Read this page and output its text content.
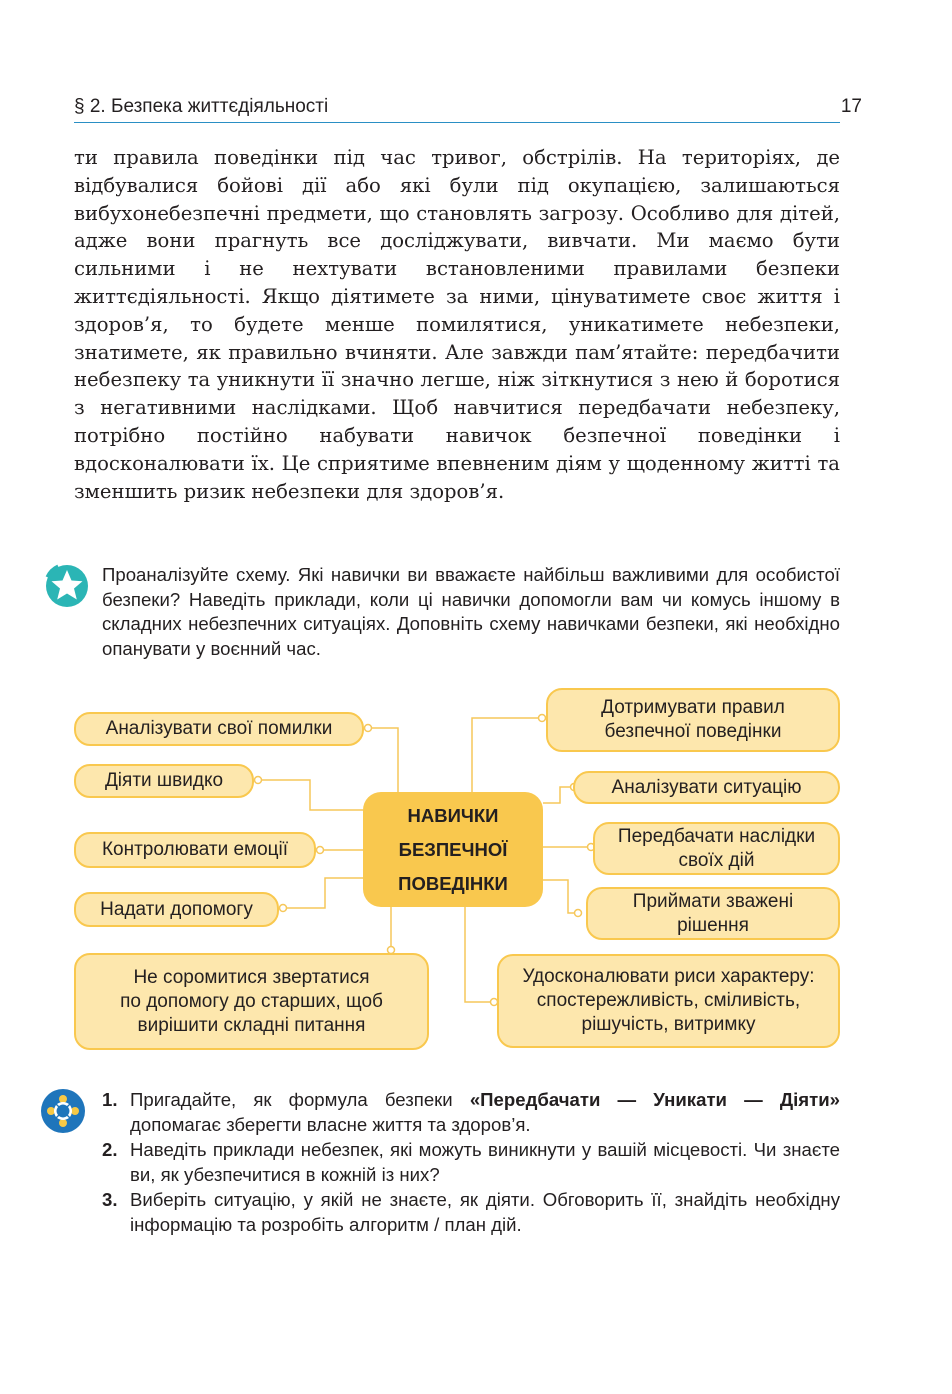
§ 2. Безпека життєдіяльності	17

ти правила поведінки під час тривог, обстрілів. На територіях, де відбувалися бойові дії або які були під окупацією, залишаються вибухонебезпечні предмети, що становлять загрозу. Особливо для дітей, адже вони прагнуть все досліджувати, вивчати. Ми маємо бути сильними і не нехтувати встановленими правилами безпеки життєдіяльності. Якщо діятимете за ними, цінуватимете своє життя і здоров’я, то будете менше помилятися, уникатимете небезпеки, знатимете, як правильно вчиняти. Але завжди пам’ятайте: передбачити небезпеку та уникнути її значно легше, ніж зіткнутися з нею й боротися з негативними наслідками. Щоб навчитися передбачати небезпеку, потрібно постійно набувати навичок безпечної поведінки і вдосконалювати їх. Це сприятиме впевненим діям у щоденному житті та зменшить ризик небезпеки для здоров’я.

Проаналізуйте схему. Які навички ви вважаєте найбільш важливими для особистої безпеки? Наведіть приклади, коли ці навички допомогли вам чи комусь іншому в складних небезпечних ситуаціях. Доповніть схему навичками безпеки, які необхідно опанувати у воєнний час.

Аналізувати свої помилки
Діяти швидко
Контролювати емоції
Надати допомогу
Не соромитися звертатися
по допомогу до старших, щоб
вирішити складні питання
НАВИЧКИ
БЕЗПЕЧНОЇ
ПОВЕДІНКИ
Дотримувати правил
безпечної поведінки
Аналізувати ситуацію
Передбачати наслідки
своїх дій
Приймати зважені
рішення
Удосконалювати риси характеру:
спостережливість, сміливість,
рішучість, витримку
1. Пригадайте, як формула безпеки «Передбачати — Уникати — Діяти» допомагає зберегти власне життя та здоров’я.
2. Наведіть приклади небезпек, які можуть виникнути у вашій місцевості. Чи знаєте ви, як убезпечитися в кожній із них?
3. Виберіть ситуацію, у якій не знаєте, як діяти. Обговорить її, знайдіть необхідну інформацію та розробіть алгоритм / план дій.
